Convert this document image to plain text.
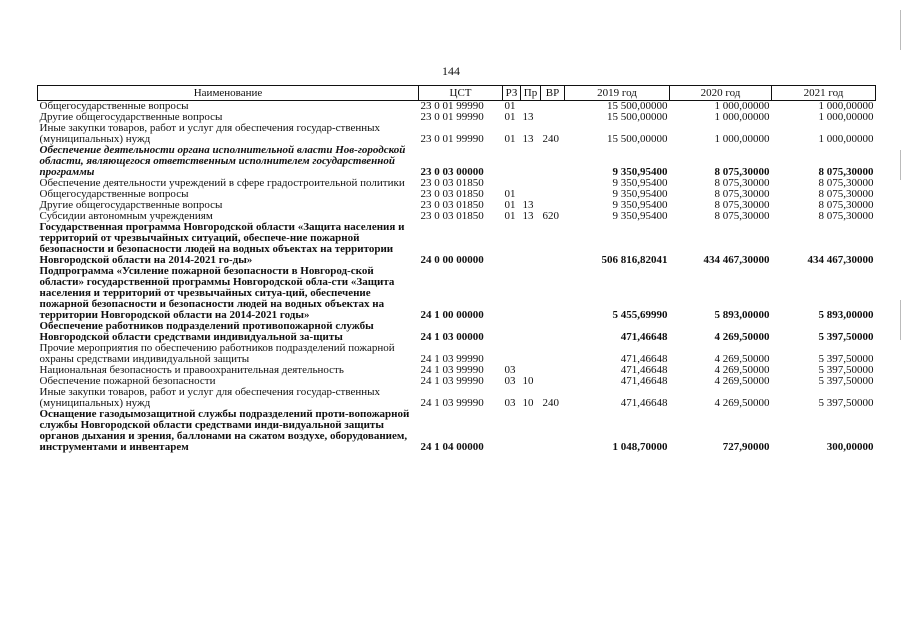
144
Наименование	ЦСТ	РЗ	Пр	ВР	2019 год	2020 год	2021 год
Общегосударственные вопросы	23 0 01 99990	01			15 500,00000	1 000,00000	1 000,00000
Другие общегосударственные вопросы	23 0 01 99990	01	13		15 500,00000	1 000,00000	1 000,00000
Иные закупки товаров, работ и услуг для обеспечения государ-ственных (муниципальных) нужд	23 0 01 99990	01	13	240	15 500,00000	1 000,00000	1 000,00000
Обеспечение деятельности органа исполнительной власти Нов-городской области, являющегося ответственным исполнителем государственной программы	23 0 03 00000				9 350,95400	8 075,30000	8 075,30000
Обеспечение деятельности учреждений в сфере градостроительной политики	23 0 03 01850				9 350,95400	8 075,30000	8 075,30000
Общегосударственные вопросы	23 0 03 01850	01			9 350,95400	8 075,30000	8 075,30000
Другие общегосударственные вопросы	23 0 03 01850	01	13		9 350,95400	8 075,30000	8 075,30000
Субсидии автономным учреждениям	23 0 03 01850	01	13	620	9 350,95400	8 075,30000	8 075,30000
Государственная программа Новгородской области «Защита населения и территорий от чрезвычайных ситуаций, обеспече-ние пожарной безопасности и безопасности людей на водных объектах на территории Новгородской области на 2014-2021 го-ды»	24 0 00 00000				506 816,82041	434 467,30000	434 467,30000
Подпрограмма «Усиление пожарной безопасности в Новгород-ской области» государственной программы Новгородской обла-сти «Защита населения и территорий от чрезвычайных ситуа-ций, обеспечение пожарной безопасности и безопасности людей на водных объектах на территории Новгородской области на 2014-2021 годы»	24 1 00 00000				5 455,69990	5 893,00000	5 893,00000
Обеспечение работников подразделений противопожарной службы Новгородской области средствами индивидуальной за-щиты	24 1 03 00000				471,46648	4 269,50000	5 397,50000
Прочие мероприятия по обеспечению работников подразделений пожарной охраны средствами индивидуальной защиты	24 1 03 99990				471,46648	4 269,50000	5 397,50000
Национальная безопасность и правоохранительная деятельность	24 1 03 99990	03			471,46648	4 269,50000	5 397,50000
Обеспечение пожарной безопасности	24 1 03 99990	03	10		471,46648	4 269,50000	5 397,50000
Иные закупки товаров, работ и услуг для обеспечения государ-ственных (муниципальных) нужд	24 1 03 99990	03	10	240	471,46648	4 269,50000	5 397,50000
Оснащение газодымозащитной службы подразделений проти-вопожарной службы Новгородской области средствами инди-видуальной защиты органов дыхания и зрения, баллонами на сжатом воздухе, оборудованием, инструментами и инвентарем	24 1 04 00000				1 048,70000	727,90000	300,00000
